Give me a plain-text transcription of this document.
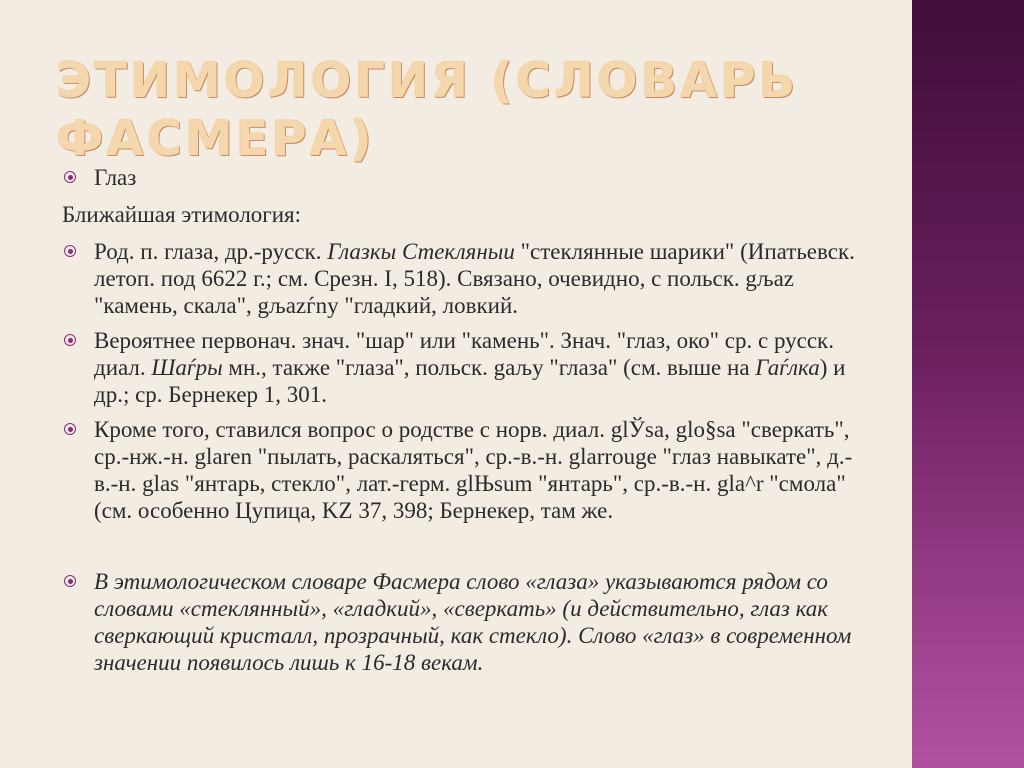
ЭТИМОЛОГИЯ (СЛОВАРЬ ФАСМЕРА)

Глаз

Ближайшая этимология:

Род. п. глаза, др.-русск. Глазкы Стекляныи "стеклянные шарики" (Ипатьевск. летоп. под 6622 г.; см. Срезн. I, 518). Связано, очевидно, с польск. gљaz "камень, скала", gљazѓny "гладкий, ловкий.

Вероятнее первонач. знач. "шар" или "камень". Знач. "глаз, око" ср. с русск. диал. Шаѓры мн., также "глаза", польск. gaљy "глаза" (см. выше на Гаѓлка) и др.; ср. Бернекер 1, 301.

Кроме того, ставился вопрос о родстве с норв. диал. glЎsa, glo§sa "сверкать", ср.-нж.-н. glaren "пылать, раскаляться", ср.-в.-н. glarrouge "глаз навыкате", д.-в.-н. glas "янтарь, стекло", лат.-герм. glЊsum "янтарь", ср.-в.-н. gla^r "смола" (см. особенно Цупица, KZ 37, 398; Бернекер, там же.

В этимологическом словаре Фасмера слово «глаза» указываются рядом со словами «стеклянный», «гладкий», «сверкать» (и действительно, глаз как сверкающий кристалл, прозрачный, как стекло). Слово «глаз» в современном значении появилось лишь к 16-18 векам.
